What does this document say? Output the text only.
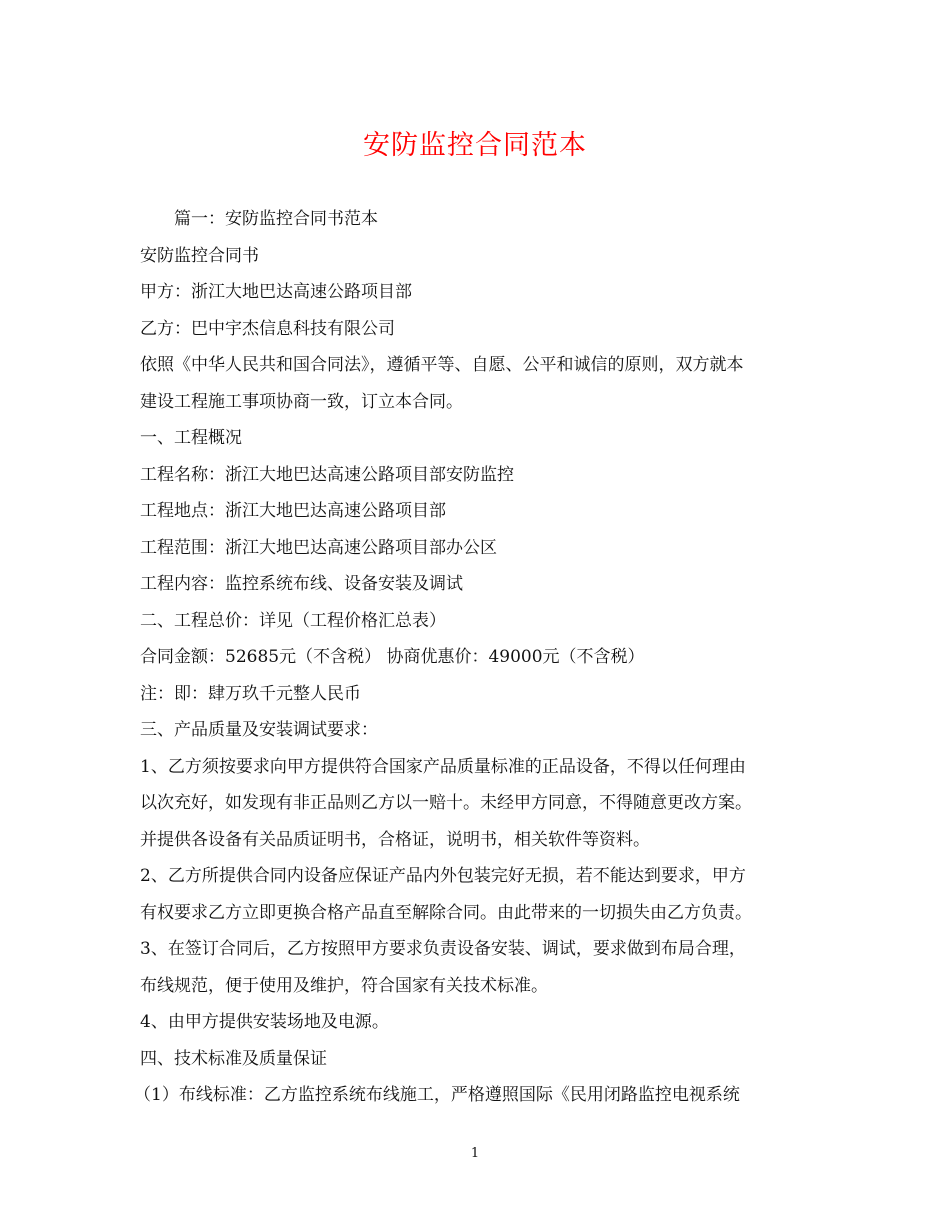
安防监控合同范本

篇一：安防监控合同书范本

安防监控合同书

甲方：浙江大地巴达高速公路项目部

乙方：巴中宇杰信息科技有限公司

依照《中华人民共和国合同法》，遵循平等、自愿、公平和诚信的原则，双方就本

建设工程施工事项协商一致，订立本合同。

一、工程概况

工程名称：浙江大地巴达高速公路项目部安防监控

工程地点：浙江大地巴达高速公路项目部

工程范围：浙江大地巴达高速公路项目部办公区

工程内容：监控系统布线、设备安装及调试

二、工程总价：详见（工程价格汇总表）

合同金额：52685元（不含税） 协商优惠价：49000元（不含税）

注：即：肆万玖千元整人民币

三、产品质量及安装调试要求：

1、乙方须按要求向甲方提供符合国家产品质量标准的正品设备，不得以任何理由

以次充好，如发现有非正品则乙方以一赔十。未经甲方同意，不得随意更改方案。

并提供各设备有关品质证明书，合格证，说明书，相关软件等资料。

2、乙方所提供合同内设备应保证产品内外包装完好无损，若不能达到要求，甲方

有权要求乙方立即更换合格产品直至解除合同。由此带来的一切损失由乙方负责。

3、在签订合同后，乙方按照甲方要求负责设备安装、调试，要求做到布局合理，

布线规范，便于使用及维护，符合国家有关技术标准。

4、由甲方提供安装场地及电源。

四、技术标准及质量保证

（1）布线标准：乙方监控系统布线施工，严格遵照国际《民用闭路监控电视系统

1
